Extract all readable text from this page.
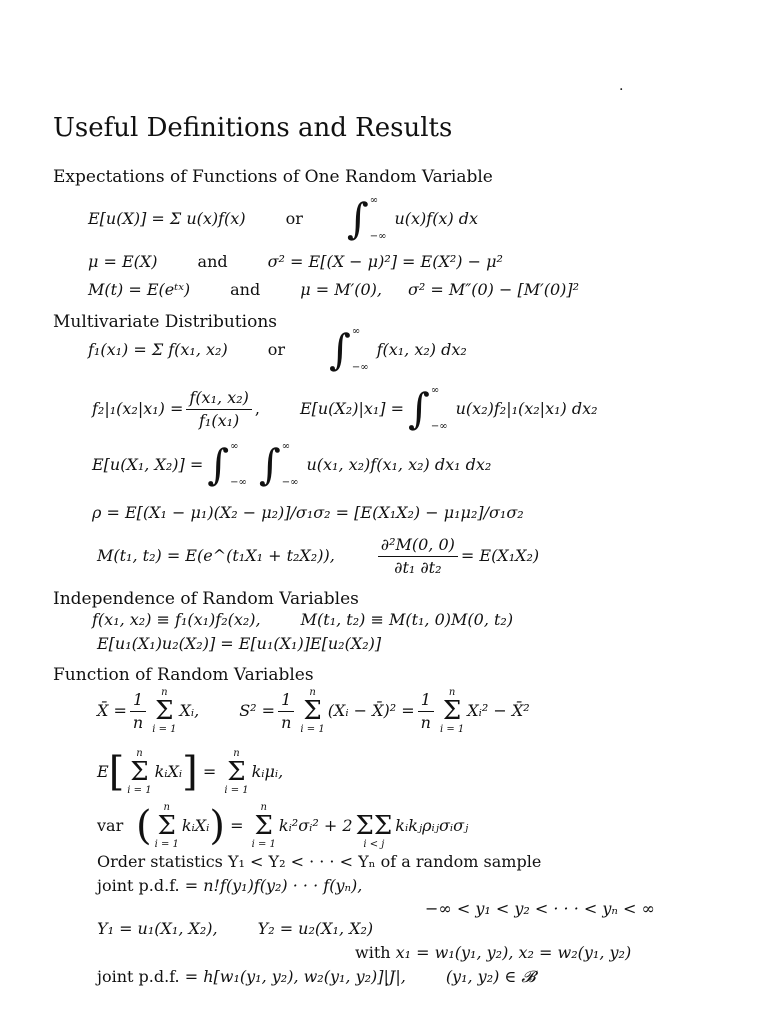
.
Useful Definitions and Results
Expectations of Functions of One Random Variable
E[u(X)] = Σ u(x)f(x)	or ∫ ∞
−∞
u(x)f(x) dx
μ = E(X)	and	σ² = E[(X − μ)²] = E(X²) − μ²
M(t) = E(eᵗˣ)	and	μ = M′(0), σ² = M″(0) − [M′(0)]²
Multivariate Distributions
f₁(x₁) = Σ f(x₁, x₂)	or ∫ ∞
−∞
f(x₁, x₂) dx₂
$f_2|_1(x_2|x_1) = \frac{\text{f(x₁, x₂)}}{\text{f₁(x₁)}}$ ,	E[u(X₂)|x₁] = ∫ ∞
−∞
u(x₂)f₂|₁(x₂|x₁) dx₂
E[u(X₁, X₂)] = ∫ ∞
−∞ ∫ ∞
−∞
u(x₁, x₂)f(x₁, x₂) dx₁ dx₂
ρ = E[(X₁ − μ₁)(X₂ − μ₂)]/σ₁σ₂ = [E(X₁X₂) − μ₁μ₂]/σ₁σ₂
M(t₁, t₂) = E(e^(t₁X₁ + t₂X₂)),	$\frac{\text{∂²M(0, 0)}}{\text{∂t₁ ∂t₂}} = E(X_1X_2)$
Independence of Random Variables
f(x₁, x₂) ≡ f₁(x₁)f₂(x₂),	M(t₁, t₂) ≡ M(t₁, 0)M(0, t₂)
E[u₁(X₁)u₂(X₂)] = E[u₁(X₁)]E[u₂(X₂)]
Function of Random Variables
X̄ = $\frac{1}{n}$ n
Σ
i = 1
Xᵢ,	$S^2 = \frac{1}{n}$ n
Σ
i = 1
(Xᵢ − X̄)² = $\frac{1}{n}$ n
Σ
i = 1
Xᵢ² − X̄²
E [ n
Σ
i = 1
kᵢXᵢ ] =
n
Σ
i = 1
kᵢμᵢ,
var ( n
Σ
i = 1
kᵢXᵢ ) =
n
Σ
i = 1
kᵢ²σᵢ² + 2
ΣΣ
i < j
kᵢkⱼρᵢⱼσᵢσⱼ
Order statistics Y₁ < Y₂ < · · · < Yₙ of a random sample
joint p.d.f. =
n!f(y₁)f(y₂) · · · f(yₙ),
−∞ < y₁ < y₂ < · · · < yₙ < ∞
Y₁ = u₁(X₁, X₂),	Y₂ = u₂(X₁, X₂)
with
x₁ = w₁(y₁, y₂), x₂ = w₂(y₁, y₂)
joint p.d.f. =
h[w₁(y₁, y₂), w₂(y₁, y₂)]|J|,	(y₁, y₂) ∈ 𝓑
